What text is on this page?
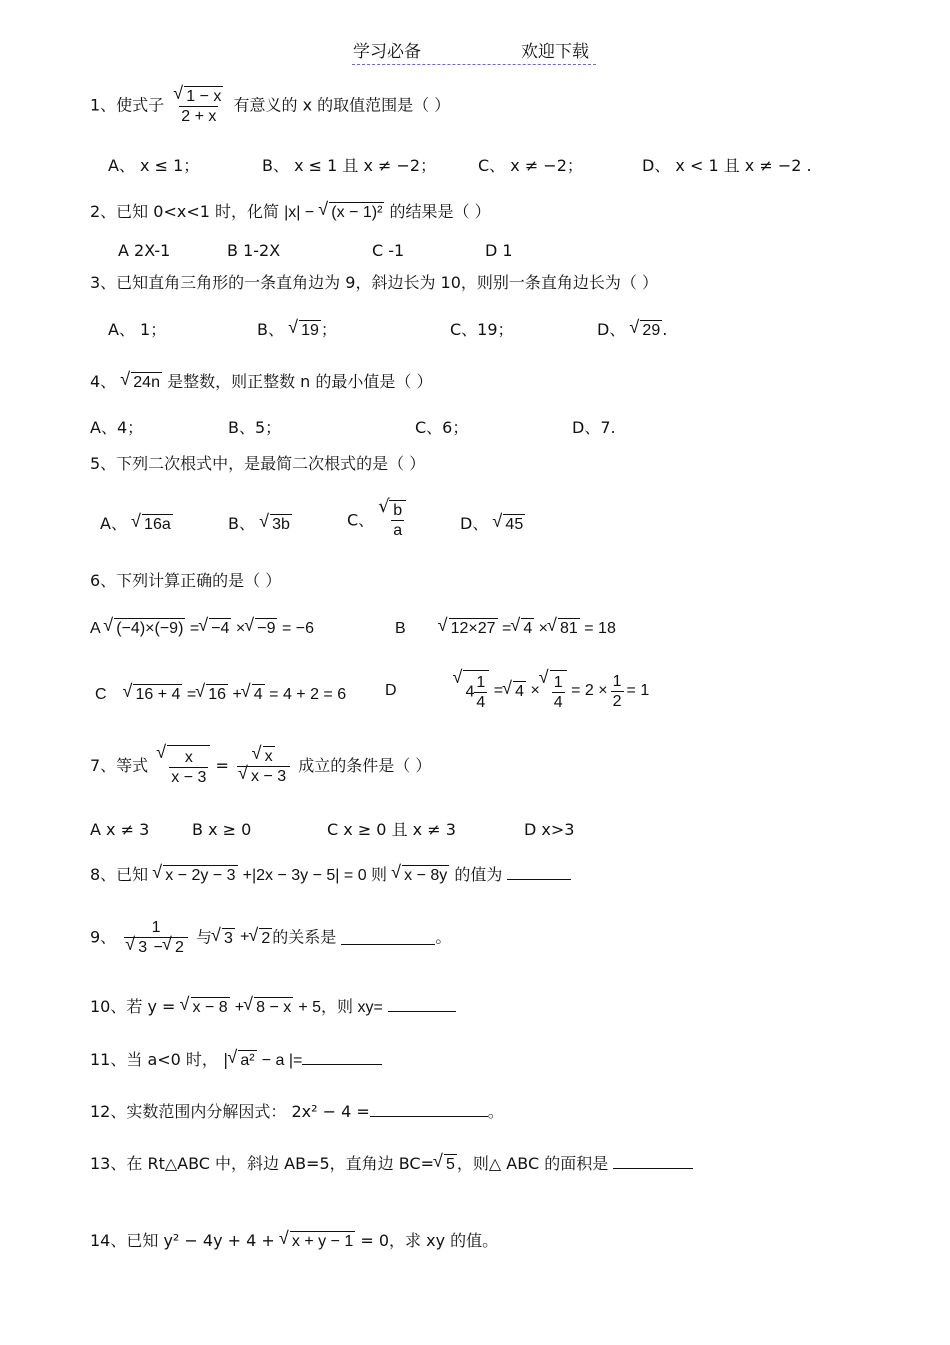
学习必备	欢迎下载
1、使式子 √ $\frac{1 - x}{2 + x}$ 有意义的 x 的取值范围是（ ）
A、 x ≤ 1；	B、 x ≤ 1 且 x ≠ −2；	C、 x ≠ −2；	D、 x < 1 且 x ≠ −2 .
2、已知 0<x<1 时，化简 |x| − √ (x − 1)² 的结果是（ ）
A 2X-1	B 1-2X	C -1	D 1
3、已知直角三角形的一条直角边为 9，斜边长为 10，则别一条直角边长为（ ）
A、 1；	B、 √ 19 ；	C、19；	D、 √ 29 .
4、 √ 24n 是整数，则正整数 n 的最小值是（ ）
A、4；	B、5；	C、6；	D、7.
5、下列二次根式中，是最简二次根式的是（ ）
A、 √ 16a	B、 √ 3b	C、 √ $\frac{b}{a}$	D、 √ 45
6、下列计算正确的是（ ）
A √ (−4)×(−9) = √ −4 × √ −9 = −6	B	√ 12×27 = √ 4 × √ 81 = 18
C √ 16 + 4 = √ 16 + √ 4 = 4 + 2 = 6 D	√ $4 \frac{1}{4}$ = √ 4 × √ $\frac{1}{4} = 2 \times \frac{1}{2} = 1$
7、等式 √ $\frac{x}{x - 3}$ = √ x
√ x − 3 成立的条件是（ ）
A x ≠ 3	B x ≥ 0	C x ≥ 0 且 x ≠ 3	D x>3
8、已知 √ x − 2y − 3 +|2x − 3y − 5| = 0 则 √ x − 8y 的值为
9、 1
√ 3 − √ 2 与 √ 3 + √ 2 的关系是	。
10、若 y = √ x − 8 + √ 8 − x + 5，则 xy=
11、当 a<0 时， | √ a² − a |=
12、实数范围内分解因式： 2x² − 4 =	。
13、在 Rt△ABC 中，斜边 AB=5，直角边 BC= √ 5 ，则△ ABC 的面积是
14、已知 y² − 4y + 4 + √ x + y − 1 = 0，求 xy 的值。
